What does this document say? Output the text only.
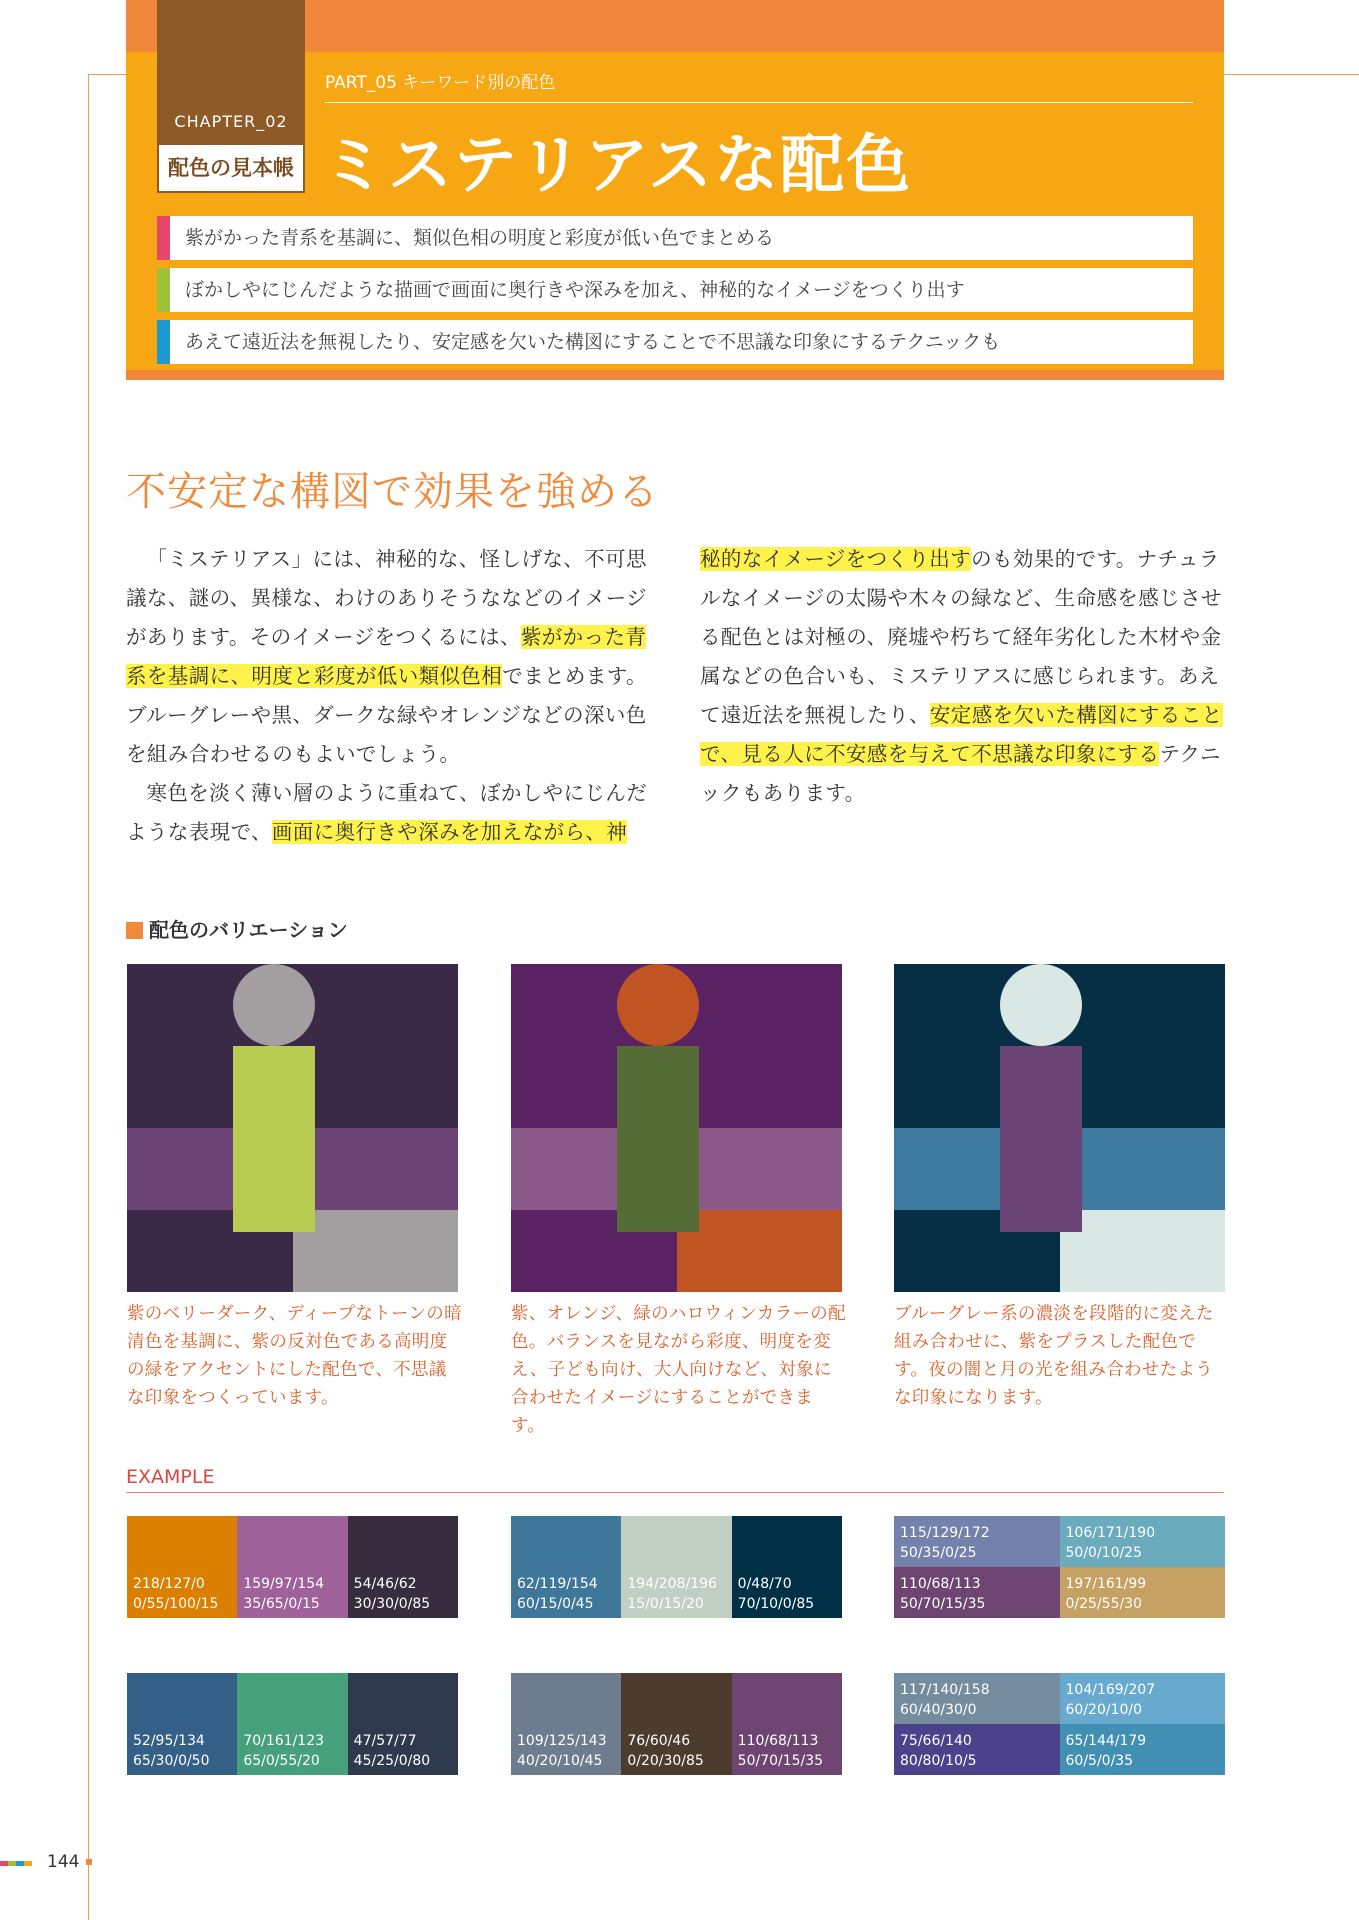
CHAPTER_02
配色の見本帳
PART_05 キーワード別の配色
ミステリアスな配色
紫がかった青系を基調に、類似色相の明度と彩度が低い色でまとめる
ぼかしやにじんだような描画で画面に奥行きや深みを加え、神秘的なイメージをつくり出す
あえて遠近法を無視したり、安定感を欠いた構図にすることで不思議な印象にするテクニックも
不安定な構図で効果を強める

「ミステリアス」には、神秘的な、怪しげな、不可思議な、謎の、異様な、わけのありそうななどのイメージがあります。そのイメージをつくるには、紫がかった青系を基調に、明度と彩度が低い類似色相でまとめます。ブルーグレーや黒、ダークな緑やオレンジなどの深い色を組み合わせるのもよいでしょう。

寒色を淡く薄い層のように重ねて、ぼかしやにじんだような表現で、画面に奥行きや深みを加えながら、神

秘的なイメージをつくり出すのも効果的です。ナチュラルなイメージの太陽や木々の緑など、生命感を感じさせる配色とは対極の、廃墟や朽ちて経年劣化した木材や金属などの色合いも、ミステリアスに感じられます。あえて遠近法を無視したり、安定感を欠いた構図にすることで、見る人に不安感を与えて不思議な印象にするテクニックもあります。

配色のバリエーション
紫のベリーダーク、ディープなトーンの暗清色を基調に、紫の反対色である高明度の緑をアクセントにした配色で、不思議な印象をつくっています。
紫、オレンジ、緑のハロウィンカラーの配色。バランスを見ながら彩度、明度を変え、子ども向け、大人向けなど、対象に合わせたイメージにすることができます。
ブルーグレー系の濃淡を段階的に変えた組み合わせに、紫をプラスした配色です。夜の闇と月の光を組み合わせたような印象になります。
EXAMPLE
218/127/0
0/55/100/15
159/97/154
35/65/0/15
54/46/62
30/30/0/85
52/95/134
65/30/0/50
70/161/123
65/0/55/20
47/57/77
45/25/0/80
62/119/154
60/15/0/45
194/208/196
15/0/15/20
0/48/70
70/10/0/85
109/125/143
40/20/10/45
76/60/46
0/20/30/85
110/68/113
50/70/15/35
115/129/172
50/35/0/25
106/171/190
50/0/10/25
110/68/113
50/70/15/35
197/161/99
0/25/55/30
117/140/158
60/40/30/0
104/169/207
60/20/10/0
75/66/140
80/80/10/5
65/144/179
60/5/0/35
144
